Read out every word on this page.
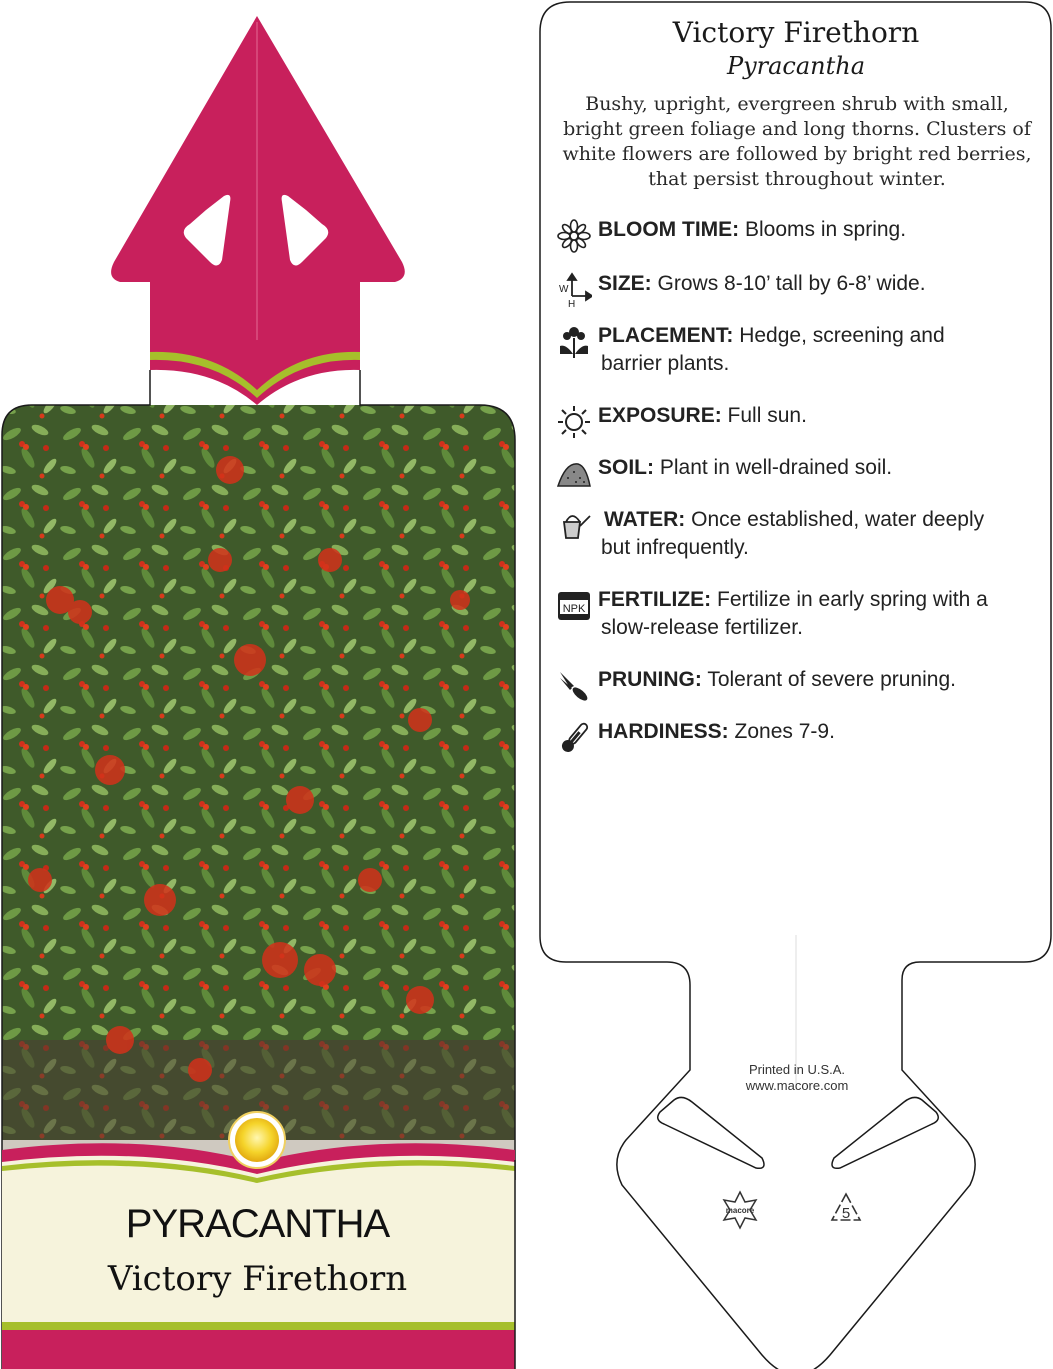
PYRACANTHA
Victory Firethorn
macore	5
Victory Firethorn
Pyracantha
Bushy, upright, evergreen shrub with small,
bright green foliage and long thorns. Clusters of
white flowers are followed by bright red berries,
that persist throughout winter.
BLOOM TIME: Blooms in spring.
W
H
SIZE: Grows 8-10’ tall by 6-8’ wide.
PLACEMENT: Hedge, screening and
barrier plants.
EXPOSURE: Full sun.
SOIL: Plant in well-drained soil.
WATER: Once established, water deeply
but infrequently.
NPK FERTILIZE: Fertilize in early spring with a
slow-release fertilizer.
PRUNING: Tolerant of severe pruning.
HARDINESS: Zones 7-9.
Printed in U.S.A.
www.macore.com
